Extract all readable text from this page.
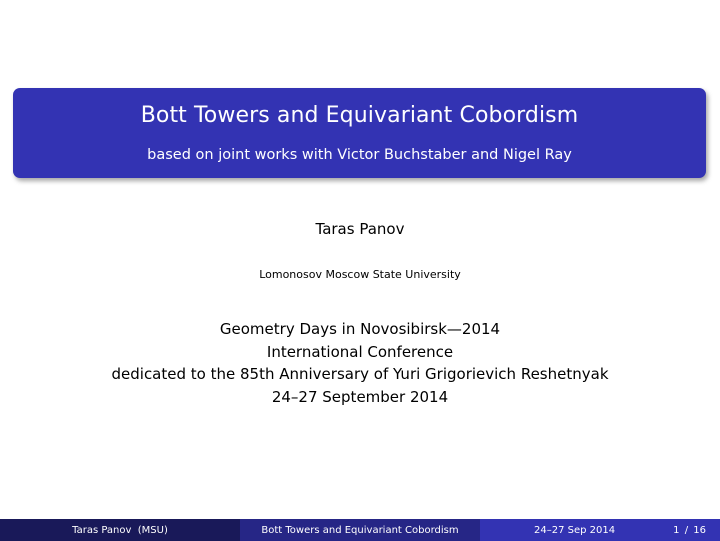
Bott Towers and Equivariant Cobordism
based on joint works with Victor Buchstaber and Nigel Ray
Taras Panov
Lomonosov Moscow State University
Geometry Days in Novosibirsk—2014
International Conference
dedicated to the 85th Anniversary of Yuri Grigorievich Reshetnyak
24–27 September 2014
Taras Panov  (MSU)	Bott Towers and Equivariant Cobordism	24–27 Sep 2014	1 / 16
